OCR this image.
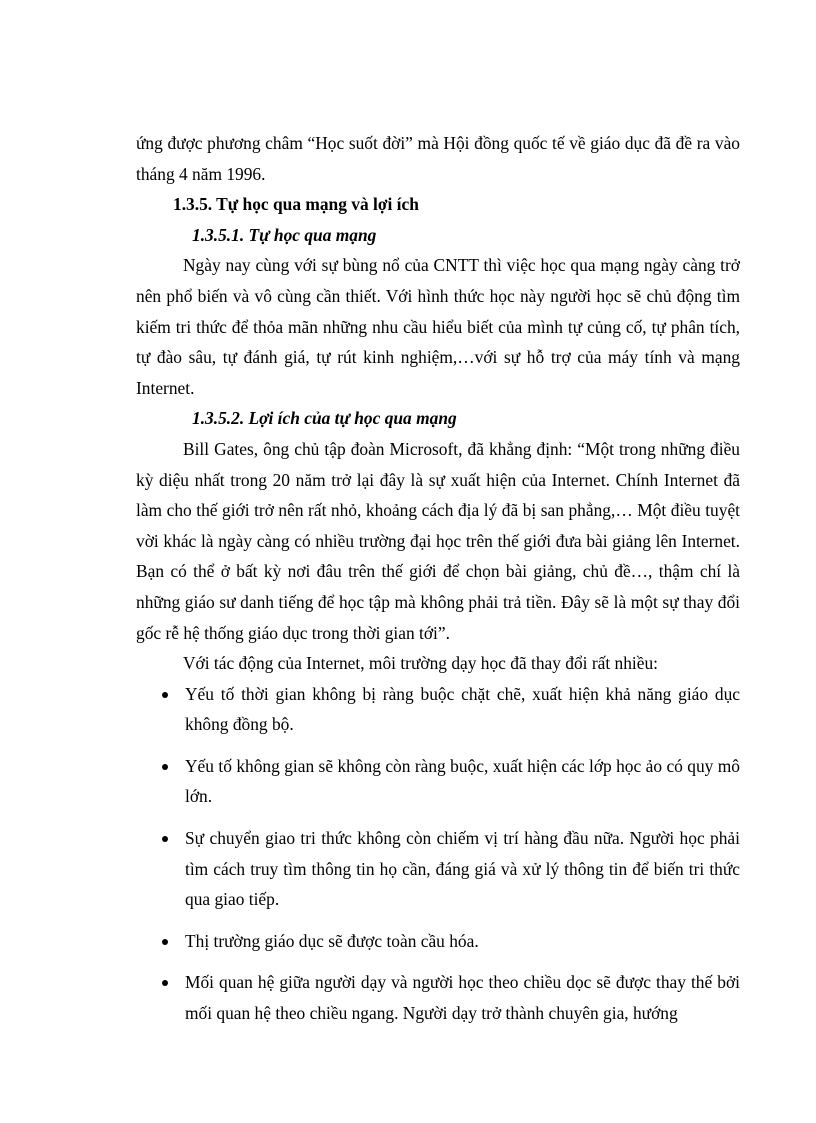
ứng được phương châm “Học suốt đời” mà Hội đồng quốc tế về giáo dục đã đề ra vào tháng 4 năm 1996.

1.3.5. Tự học qua mạng và lợi ích

1.3.5.1. Tự học qua mạng

Ngày nay cùng với sự bùng nổ của CNTT thì việc học qua mạng ngày càng trở nên phổ biến và vô cùng cần thiết. Với hình thức học này người học sẽ chủ động tìm kiếm tri thức để thỏa mãn những nhu cầu hiểu biết của mình tự củng cố, tự phân tích, tự đào sâu, tự đánh giá, tự rút kinh nghiệm,…với sự hỗ trợ của máy tính và mạng Internet.

1.3.5.2. Lợi ích của tự học qua mạng

Bill Gates, ông chủ tập đoàn Microsoft, đã khẳng định: “Một trong những điều kỳ diệu nhất trong 20 năm trở lại đây là sự xuất hiện của Internet. Chính Internet đã làm cho thế giới trở nên rất nhỏ, khoảng cách địa lý đã bị san phẳng,… Một điều tuyệt vời khác là ngày càng có nhiều trường đại học trên thế giới đưa bài giảng lên Internet. Bạn có thể ở bất kỳ nơi đâu trên thế giới để chọn bài giảng, chủ đề…, thậm chí là những giáo sư danh tiếng để học tập mà không phải trả tiền. Đây sẽ là một sự thay đổi gốc rễ hệ thống giáo dục trong thời gian tới”.

Với tác động của Internet, môi trường dạy học đã thay đổi rất nhiều:

Yếu tố thời gian không bị ràng buộc chặt chẽ, xuất hiện khả năng giáo dục không đồng bộ.
Yếu tố không gian sẽ không còn ràng buộc, xuất hiện các lớp học ảo có quy mô lớn.
Sự chuyển giao tri thức không còn chiếm vị trí hàng đầu nữa. Người học phải tìm cách truy tìm thông tin họ cần, đáng giá và xử lý thông tin để biến tri thức qua giao tiếp.
Thị trường giáo dục sẽ được toàn cầu hóa.
Mối quan hệ giữa người dạy và người học theo chiều dọc sẽ được thay thế bởi mối quan hệ theo chiều ngang. Người dạy trở thành chuyên gia, hướng
